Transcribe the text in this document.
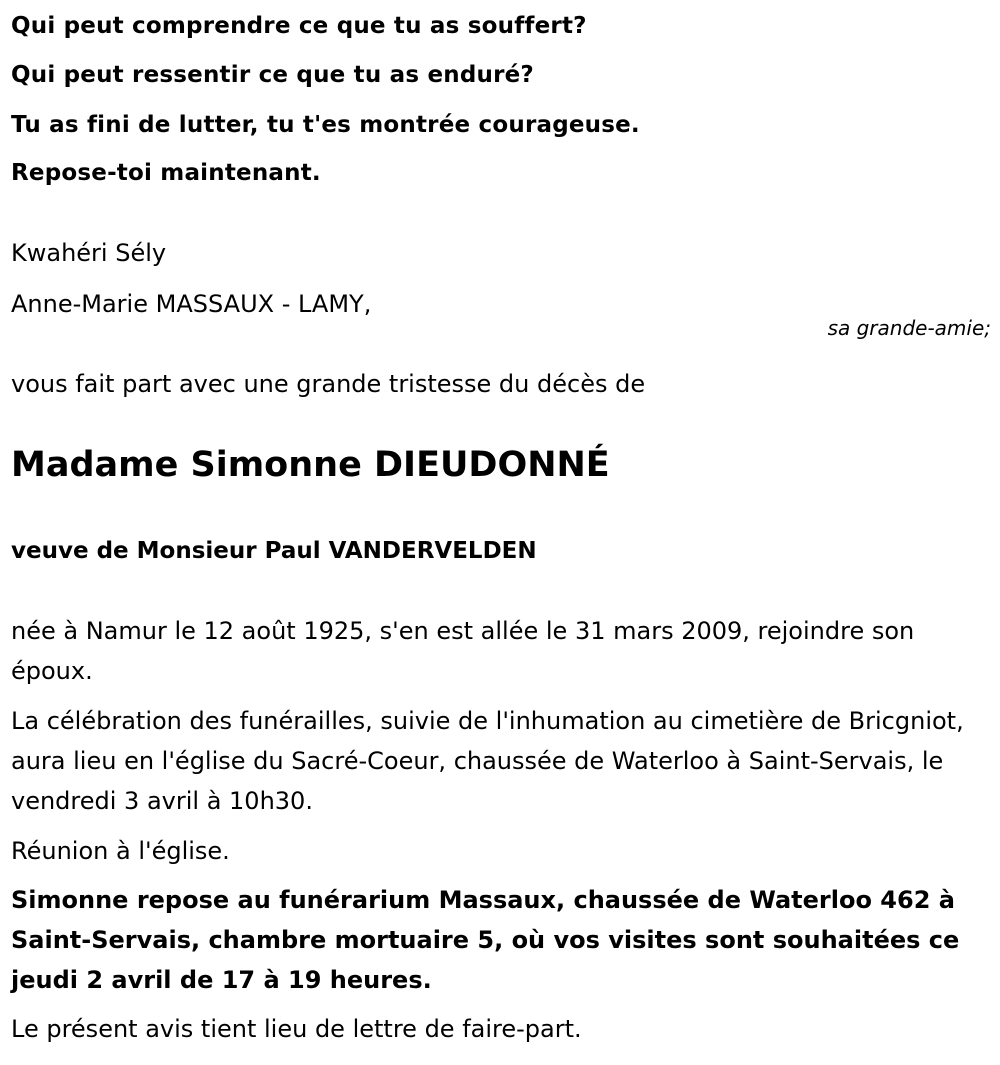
Qui peut comprendre ce que tu as souffert?
Qui peut ressentir ce que tu as enduré?
Tu as fini de lutter, tu t'es montrée courageuse.
Repose-toi maintenant.
Kwahéri Sély
Anne-Marie MASSAUX - LAMY,
sa grande-amie;
vous fait part avec une grande tristesse du décès de
Madame Simonne DIEUDONNÉ
veuve de Monsieur Paul VANDERVELDEN
née à Namur le 12 août 1925, s'en est allée le 31 mars 2009, rejoindre son époux.
La célébration des funérailles, suivie de l'inhumation au cimetière de Bricgniot, aura lieu en l'église du Sacré-Coeur, chaussée de Waterloo à Saint-Servais, le vendredi 3 avril à 10h30.
Réunion à l'église.
Simonne repose au funérarium Massaux, chaussée de Waterloo 462 à Saint-Servais, chambre mortuaire 5, où vos visites sont souhaitées ce jeudi 2 avril de 17 à 19 heures.
Le présent avis tient lieu de lettre de faire-part.
